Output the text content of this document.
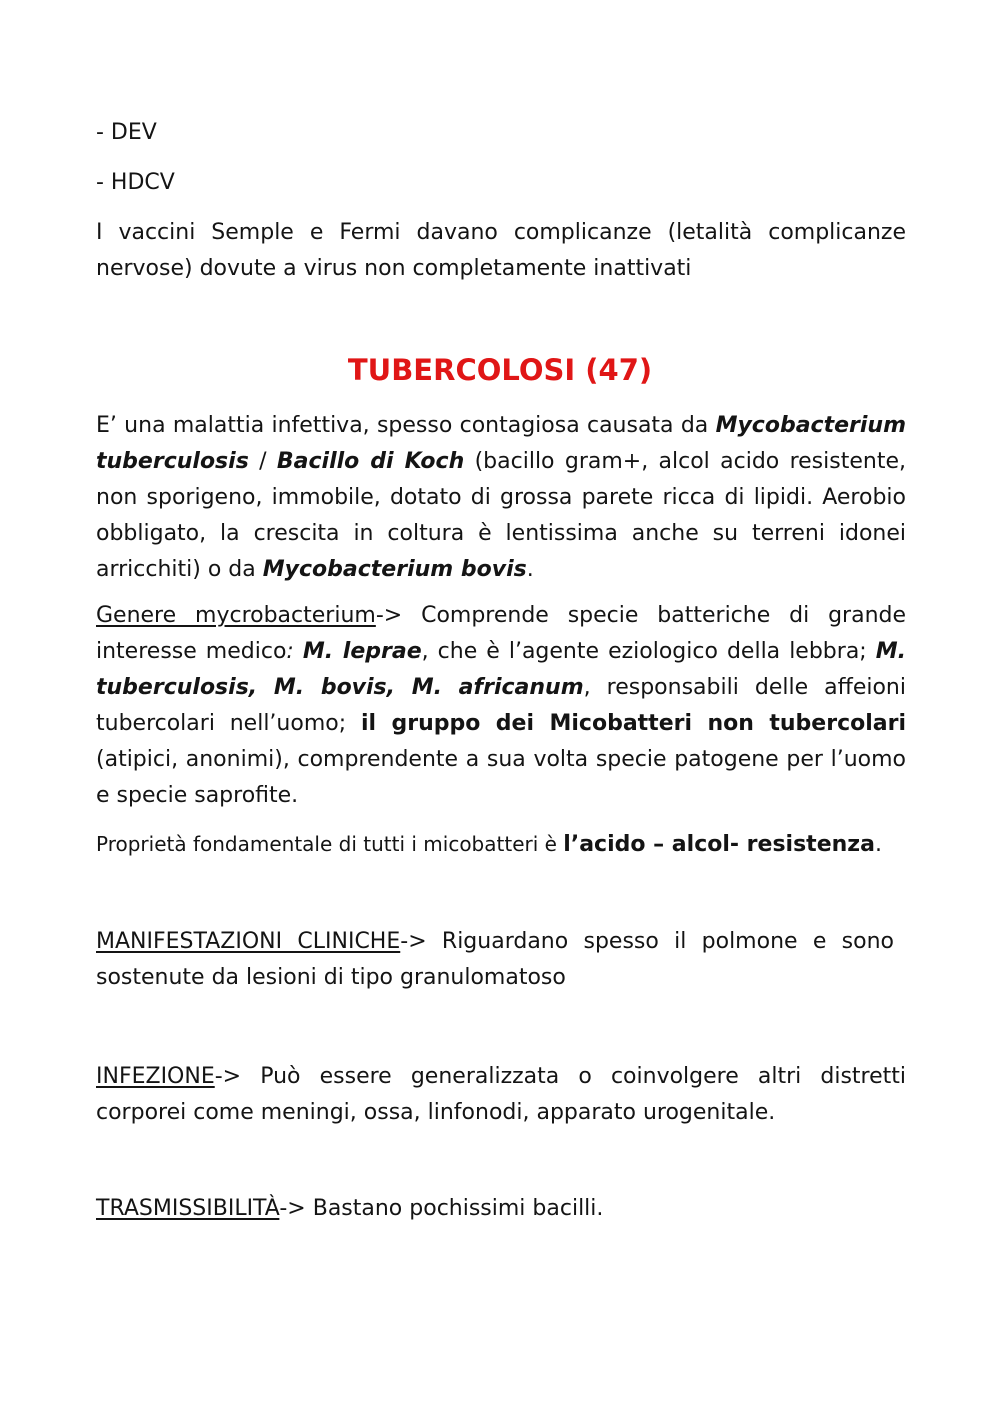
- DEV

- HDCV

I vaccini Semple e Fermi davano complicanze (letalità complicanze nervose) dovute a virus non completamente inattivati

TUBERCOLOSI (47)

E’ una malattia infettiva, spesso contagiosa causata da Mycobacterium tuberculosis / Bacillo di Koch (bacillo gram+, alcol acido resistente, non sporigeno, immobile, dotato di grossa parete ricca di lipidi. Aerobio obbligato, la crescita in coltura è lentissima anche su terreni idonei arricchiti) o da Mycobacterium bovis.

Genere mycrobacterium-> Comprende specie batteriche di grande interesse medico: M. leprae, che è l’agente eziologico della lebbra; M. tuberculosis, M. bovis, M. africanum, responsabili delle affeioni tubercolari nell’uomo; il gruppo dei Micobatteri non tubercolari (atipici, anonimi), comprendente a sua volta specie patogene per l’uomo e specie saprofite.

Proprietà fondamentale di tutti i micobatteri è l’acido – alcol- resistenza.

MANIFESTAZIONI CLINICHE-> Riguardano spesso il polmone e sono sostenute da lesioni di tipo granulomatoso

INFEZIONE-> Può essere generalizzata o coinvolgere altri distretti corporei come meningi, ossa, linfonodi, apparato urogenitale.

TRASMISSIBILITÀ-> Bastano pochissimi bacilli.
